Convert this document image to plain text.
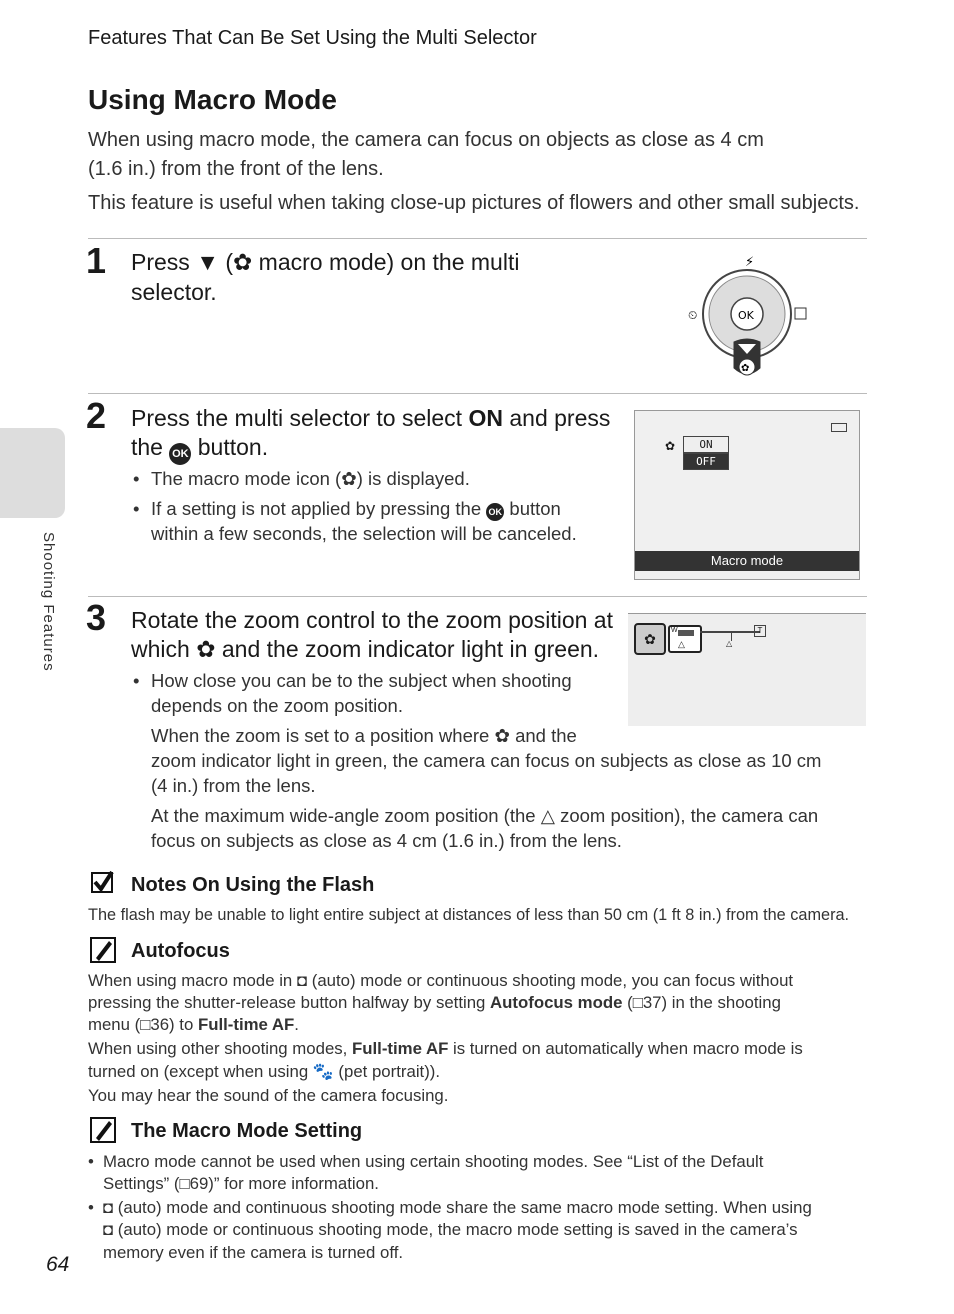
Features That Can Be Set Using the Multi Selector
Using Macro Mode
When using macro mode, the camera can focus on objects as close as 4 cm
(1.6 in.) from the front of the lens.
This feature is useful when taking close-up pictures of flowers and other small subjects.
Shooting Features
1 Press ▼ (✿ macro mode) on the multi
selector.
⚡
OK
⏲
✿
2 Press the multi selector to select ON and press
the OK button.
• The macro mode icon (✿) is displayed.
• If a setting is not applied by pressing the OK button
within a few seconds, the selection will be canceled.
✿	ON
OFF
Macro mode
3 Rotate the zoom control to the zoom position at
which ✿ and the zoom indicator light in green.
• How close you can be to the subject when shooting
depends on the zoom position.
When the zoom is set to a position where ✿ and the
zoom indicator light in green, the camera can focus on subjects as close as 10 cm
(4 in.) from the lens.
At the maximum wide-angle zoom position (the △ zoom position), the camera can
focus on subjects as close as 4 cm (1.6 in.) from the lens.
✿
W
△	△
T
Notes On Using the Flash
The flash may be unable to light entire subject at distances of less than 50 cm (1 ft 8 in.) from the camera.
Autofocus
When using macro mode in ◘ (auto) mode or continuous shooting mode, you can focus without
pressing the shutter-release button halfway by setting Autofocus mode (□37) in the shooting
menu (□36) to Full-time AF.
When using other shooting modes, Full-time AF is turned on automatically when macro mode is
turned on (except when using 🐾 (pet portrait)).
You may hear the sound of the camera focusing.
The Macro Mode Setting
• Macro mode cannot be used when using certain shooting modes. See “List of the Default
Settings” (□69)” for more information.
• ◘ (auto) mode and continuous shooting mode share the same macro mode setting. When using
◘ (auto) mode or continuous shooting mode, the macro mode setting is saved in the camera’s
memory even if the camera is turned off.
64
